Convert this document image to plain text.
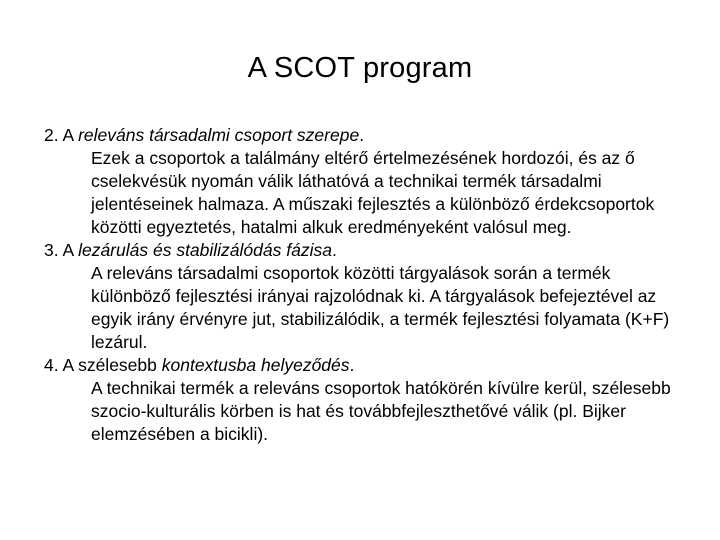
A SCOT program

2. A releváns társadalmi csoport szerepe.

Ezek a csoportok a találmány eltérő értelmezésének hordozói, és az ő cselekvésük nyomán válik láthatóvá a technikai termék társadalmi jelentéseinek halmaza. A műszaki fejlesztés a különböző érdekcsoportok közötti egyeztetés, hatalmi alkuk eredményeként valósul meg.

3. A lezárulás és stabilizálódás fázisa.

A releváns társadalmi csoportok közötti tárgyalások során a termék különböző fejlesztési irányai rajzolódnak ki. A tárgyalások befejeztével az egyik irány érvényre jut, stabilizálódik, a termék fejlesztési folyamata (K+F) lezárul.

4. A szélesebb kontextusba helyeződés.

A technikai termék a releváns csoportok hatókörén kívülre kerül, szélesebb szocio-kulturális körben is hat és továbbfejleszthetővé válik (pl. Bijker elemzésében a bicikli).
